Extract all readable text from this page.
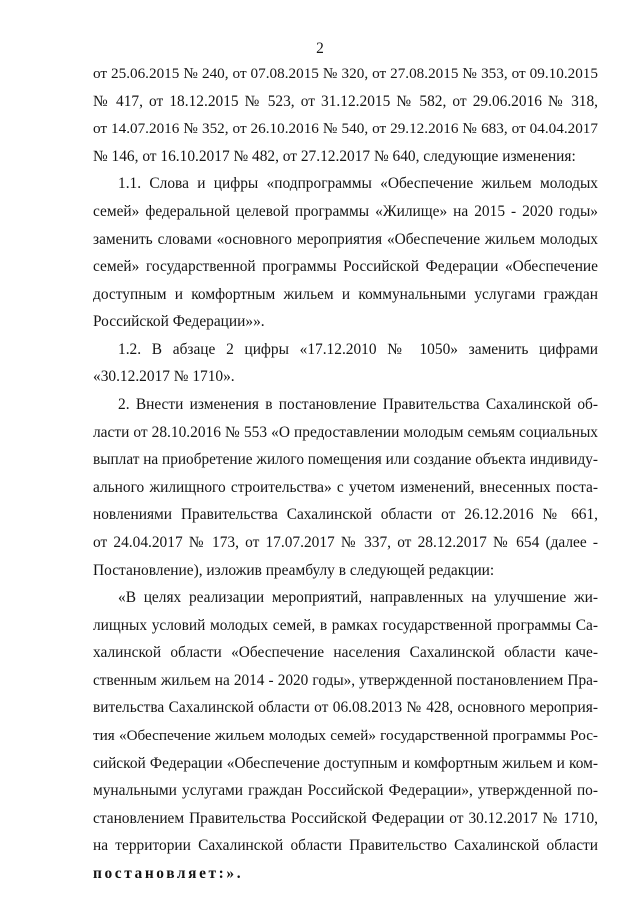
2
от 25.06.2015 № 240, от 07.08.2015 № 320, от 27.08.2015 № 353, от 09.10.2015
№ 417, от 18.12.2015 № 523, от 31.12.2015 № 582, от 29.06.2016 № 318,
от 14.07.2016 № 352, от 26.10.2016 № 540, от 29.12.2016 № 683, от 04.04.2017
№ 146, от 16.10.2017 № 482, от 27.12.2017 № 640, следующие изменения:
1.1. Слова и цифры «подпрограммы «Обеспечение жильем молодых
семей» федеральной целевой программы «Жилище» на 2015 - 2020 годы»
заменить словами «основного мероприятия «Обеспечение жильем молодых
семей» государственной программы Российской Федерации «Обеспечение
доступным и комфортным жильем и коммунальными услугами граждан
Российской Федерации»».
1.2. В абзаце 2 цифры «17.12.2010 № 1050» заменить цифрами
«30.12.2017 № 1710».
2. Внести изменения в постановление Правительства Сахалинской об-
ласти от 28.10.2016 № 553 «О предоставлении молодым семьям социальных
выплат на приобретение жилого помещения или создание объекта индивиду-
ального жилищного строительства» с учетом изменений, внесенных поста-
новлениями Правительства Сахалинской области от 26.12.2016 № 661,
от 24.04.2017 № 173, от 17.07.2017 № 337, от 28.12.2017 № 654 (далее -
Постановление), изложив преамбулу в следующей редакции:
«В целях реализации мероприятий, направленных на улучшение жи-
лищных условий молодых семей, в рамках государственной программы Са-
халинской области «Обеспечение населения Сахалинской области каче-
ственным жильем на 2014 - 2020 годы», утвержденной постановлением Пра-
вительства Сахалинской области от 06.08.2013 № 428, основного мероприя-
тия «Обеспечение жильем молодых семей» государственной программы Рос-
сийской Федерации «Обеспечение доступным и комфортным жильем и ком-
мунальными услугами граждан Российской Федерации», утвержденной по-
становлением Правительства Российской Федерации от 30.12.2017 № 1710,
на территории Сахалинской области Правительство Сахалинской области
постановляет:».
